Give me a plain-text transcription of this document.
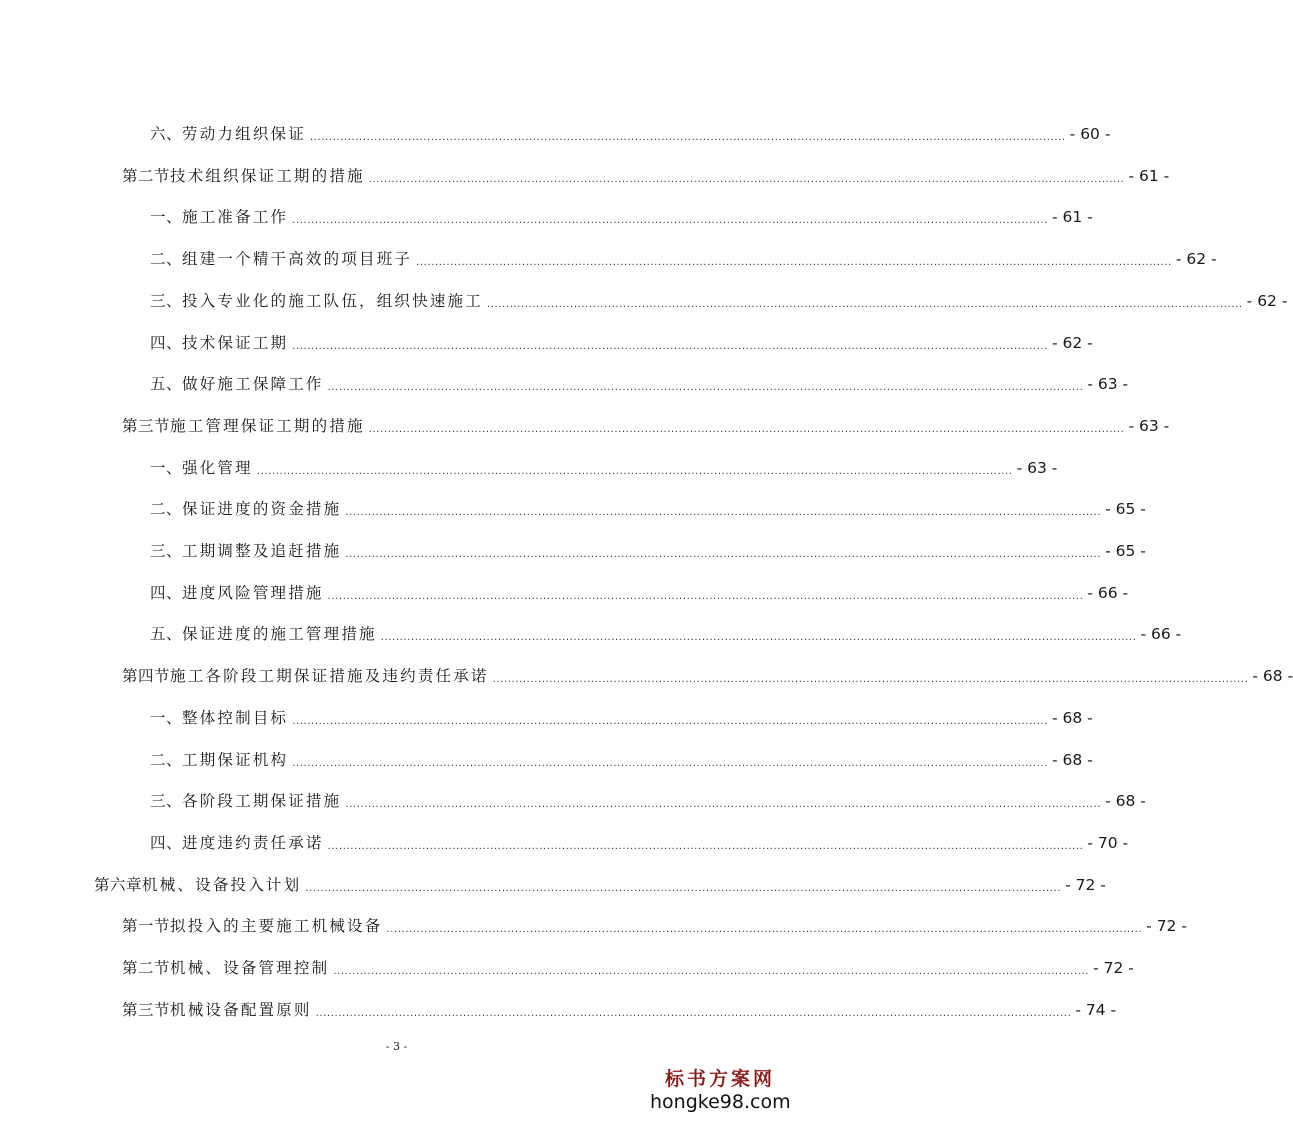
六、 劳动力组织保证 ........................................................................................................................................................................................................ - 60 -
第二节 技术组织保证工期的措施 ........................................................................................................................................................................................................ - 61 -
一、 施工准备工作 ........................................................................................................................................................................................................ - 61 -
二、 组建一个精干高效的项目班子 ........................................................................................................................................................................................................ - 62 -
三、 投入专业化的施工队伍，组织快速施工 ........................................................................................................................................................................................................ - 62 -
四、 技术保证工期 ........................................................................................................................................................................................................ - 62 -
五、 做好施工保障工作 ........................................................................................................................................................................................................ - 63 -
第三节 施工管理保证工期的措施 ........................................................................................................................................................................................................ - 63 -
一、 强化管理 ........................................................................................................................................................................................................ - 63 -
二、 保证进度的资金措施 ........................................................................................................................................................................................................ - 65 -
三、 工期调整及追赶措施 ........................................................................................................................................................................................................ - 65 -
四、 进度风险管理措施 ........................................................................................................................................................................................................ - 66 -
五、 保证进度的施工管理措施 ........................................................................................................................................................................................................ - 66 -
第四节 施工各阶段工期保证措施及违约责任承诺 ........................................................................................................................................................................................................ - 68 -
一、 整体控制目标 ........................................................................................................................................................................................................ - 68 -
二、 工期保证机构 ........................................................................................................................................................................................................ - 68 -
三、 各阶段工期保证措施 ........................................................................................................................................................................................................ - 68 -
四、 进度违约责任承诺 ........................................................................................................................................................................................................ - 70 -
第六章 机械、设备投入计划 ........................................................................................................................................................................................................ - 72 -
第一节 拟投入的主要施工机械设备 ........................................................................................................................................................................................................ - 72 -
第二节 机械、设备管理控制 ........................................................................................................................................................................................................ - 72 -
第三节 机械设备配置原则 ........................................................................................................................................................................................................ - 74 -
- 3 -
标书方案网
hongke98.com
